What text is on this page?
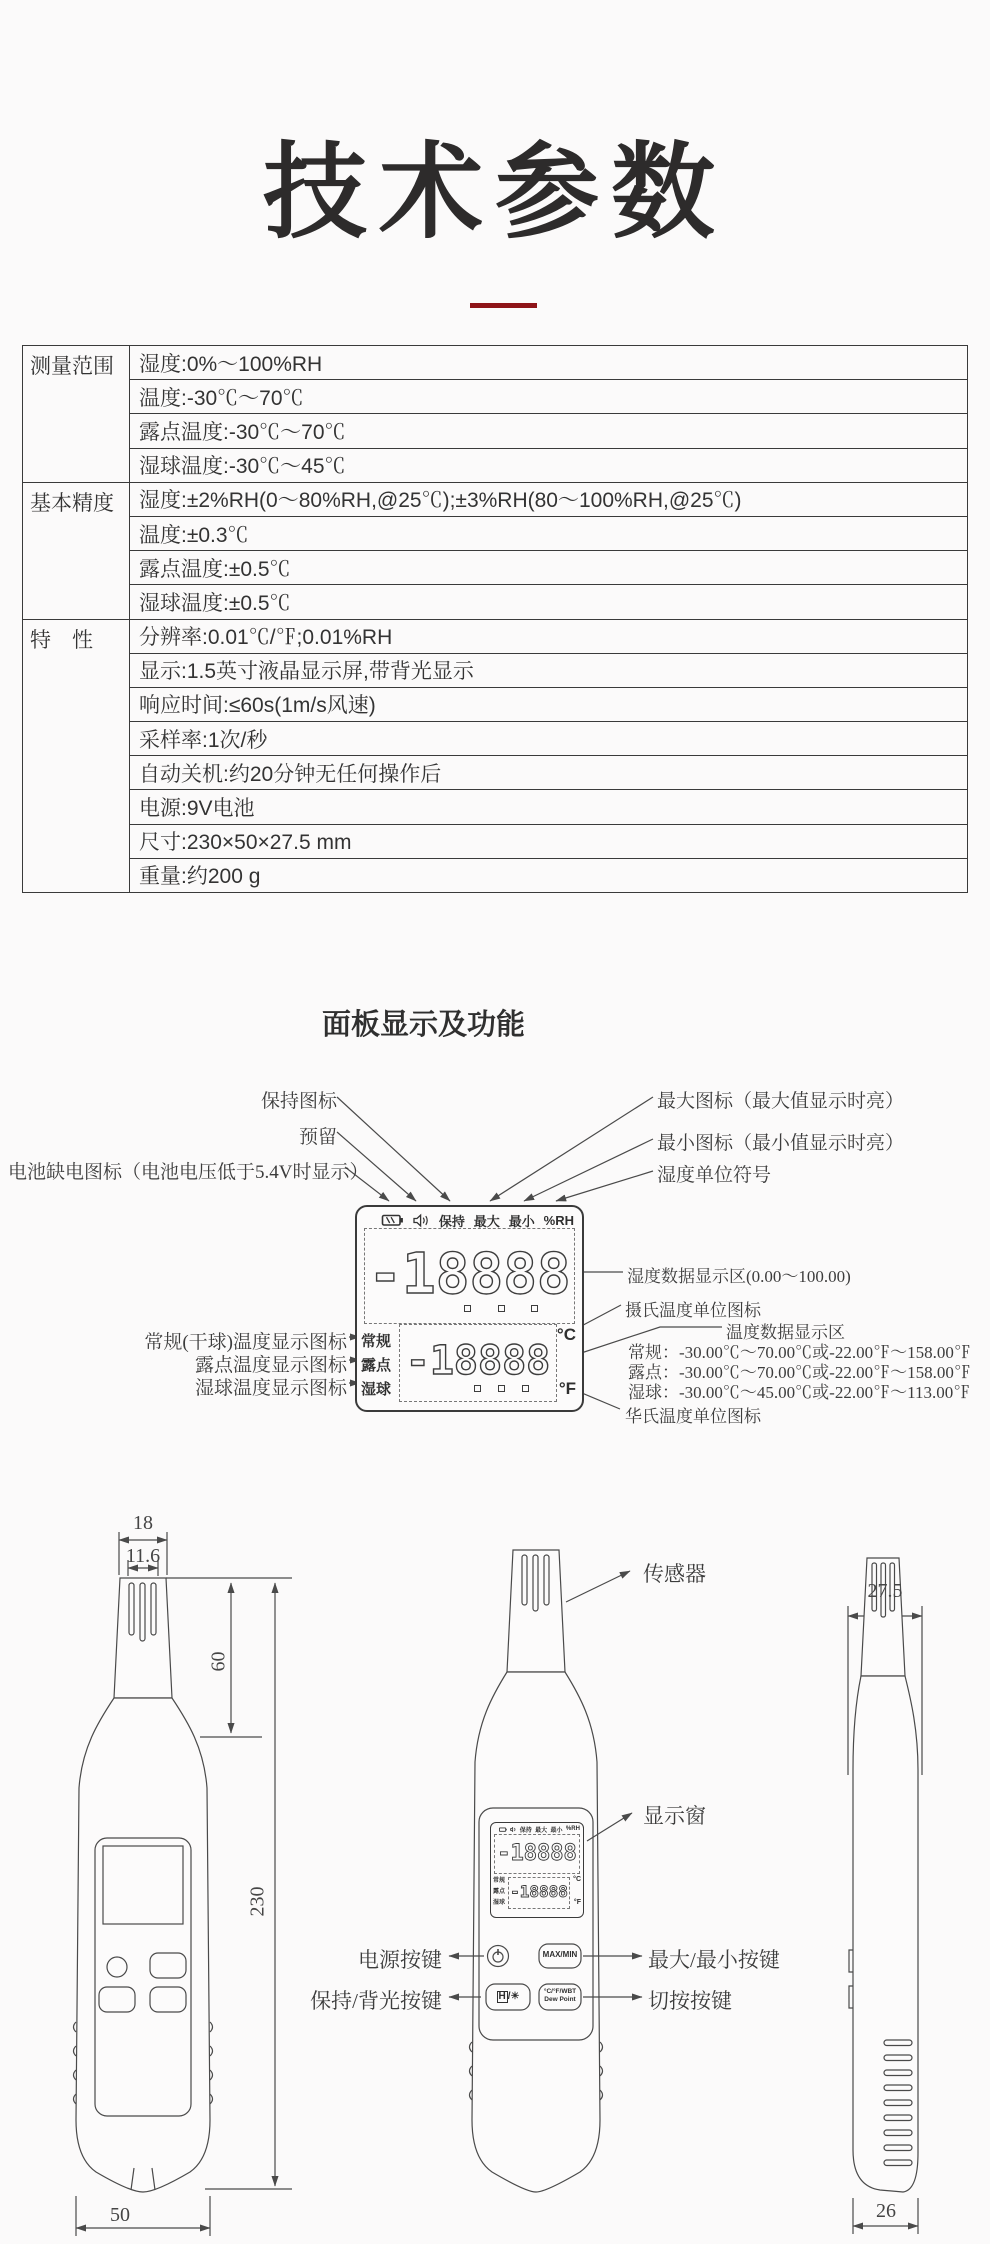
技术参数
测量范围	湿度:0%～100%RH
	温度:-30℃～70℃
	露点温度:-30℃～70℃
	湿球温度:-30℃～45℃
基本精度	湿度:±2%RH(0～80%RH,@25℃);±3%RH(80～100%RH,@25℃)
	温度:±0.3℃
	露点温度:±0.5℃
	湿球温度:±0.5℃
特　性	分辨率:0.01℃/℉;0.01%RH
	显示:1.5英寸液晶显示屏,带背光显示
	响应时间:≤60s(1m/s风速)
	采样率:1次/秒
	自动关机:约20分钟无任何操作后
	电源:9V电池
	尺寸:230×50×27.5 mm
	重量:约200 g
面板显示及功能
保持图标
预留
电池缺电图标（电池电压低于5.4V时显示）
最大图标（最大值显示时亮）
最小图标（最小值显示时亮）
湿度单位符号
湿度数据显示区(0.00～100.00)
摄氏温度单位图标
温度数据显示区
常规：-30.00℃～70.00℃或-22.00℉～158.00℉
露点：-30.00℃～70.00℃或-22.00℉～158.00℉
湿球：-30.00℃～45.00℃或-22.00℉～113.00℉
华氏温度单位图标
常规(干球)温度显示图标
露点温度显示图标
湿球温度显示图标
保持 最大 最小 %RH
-18888
常规
露点
湿球
-18888
°C
°F
18
11.6
60
230
50
27.5
26
传感器
显示窗
电源按键
保持/背光按键
最大/最小按键
切按按键
MAX/MIN
H /☀	°C/°F/WBT
Dew Point
保持 最大 最小 %RH
-18888
常规
露点
湿球
-18888
°C
°F
